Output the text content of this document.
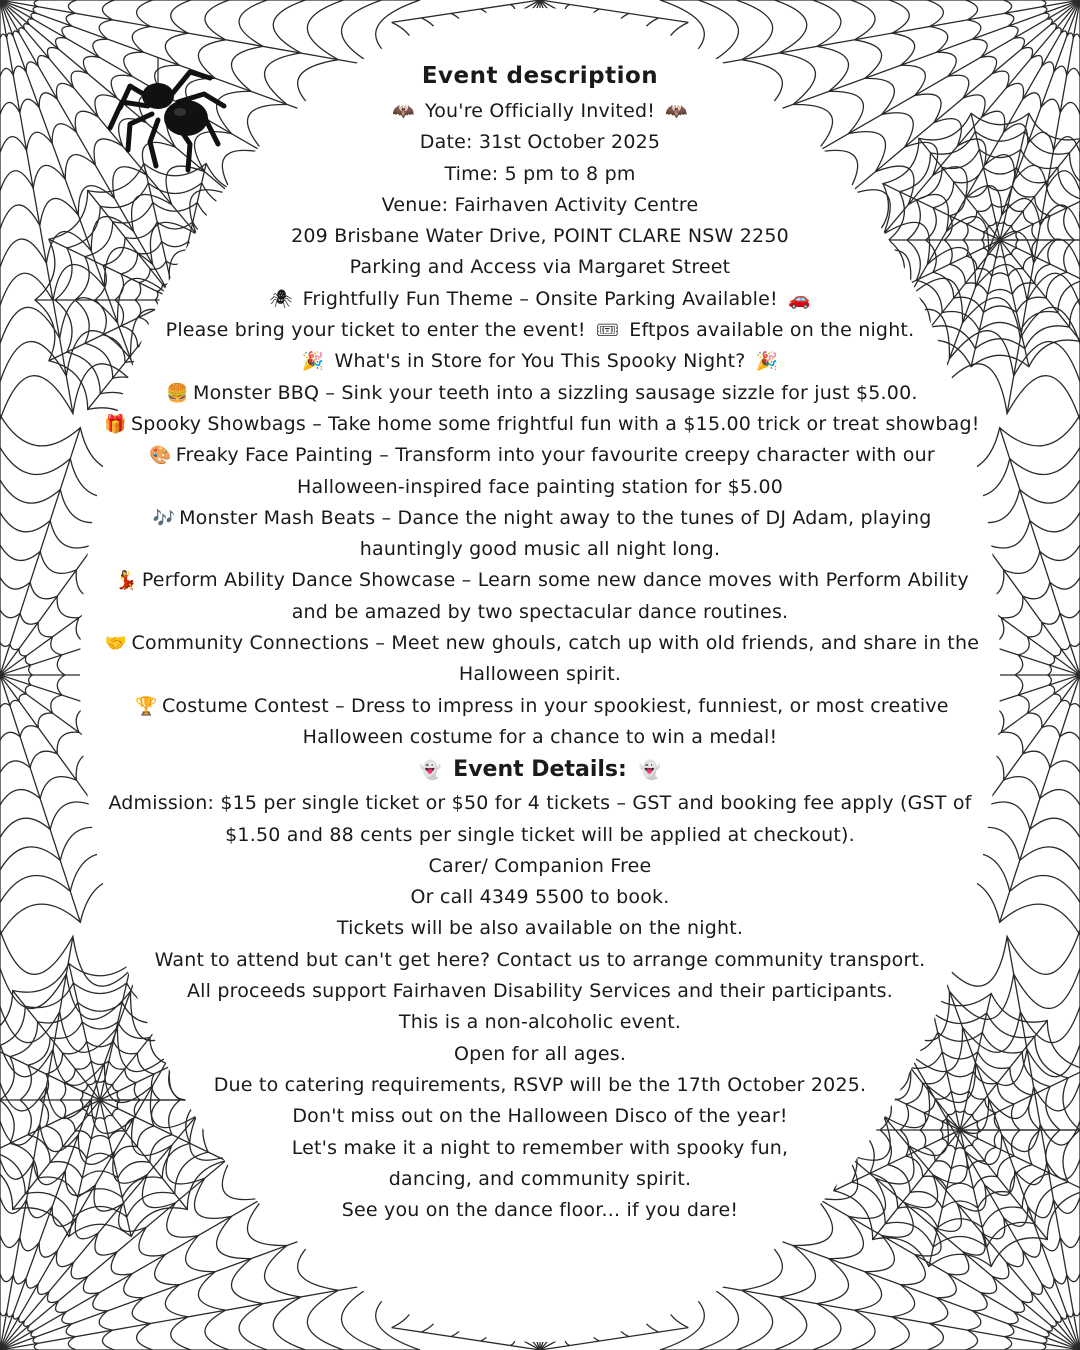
Event description
🦇 You're Officially Invited! 🦇
Date: 31st October 2025
Time: 5 pm to 8 pm
Venue: Fairhaven Activity Centre
209 Brisbane Water Drive, POINT CLARE NSW 2250
Parking and Access via Margaret Street
🕷 Frightfully Fun Theme – Onsite Parking Available! 🚗
Please bring your ticket to enter the event! 🎟 Eftpos available on the night.
🎉 What's in Store for You This Spooky Night? 🎉
🍔 Monster BBQ – Sink your teeth into a sizzling sausage sizzle for just $5.00.
🎁 Spooky Showbags – Take home some frightful fun with a $15.00 trick or treat showbag!
🎨 Freaky Face Painting – Transform into your favourite creepy character with our Halloween-inspired face painting station for $5.00
🎶 Monster Mash Beats – Dance the night away to the tunes of DJ Adam, playing hauntingly good music all night long.
💃 Perform Ability Dance Showcase – Learn some new dance moves with Perform Ability and be amazed by two spectacular dance routines.
🤝 Community Connections – Meet new ghouls, catch up with old friends, and share in the Halloween spirit.
🏆 Costume Contest – Dress to impress in your spookiest, funniest, or most creative Halloween costume for a chance to win a medal!
👻 Event Details: 👻
Admission: $15 per single ticket or $50 for 4 tickets – GST and booking fee apply (GST of $1.50 and 88 cents per single ticket will be applied at checkout).
Carer/ Companion Free
Or call 4349 5500 to book.
Tickets will be also available on the night.
Want to attend but can't get here? Contact us to arrange community transport.
All proceeds support Fairhaven Disability Services and their participants.
This is a non-alcoholic event.
Open for all ages.
Due to catering requirements, RSVP will be the 17th October 2025.
Don't miss out on the Halloween Disco of the year!
Let's make it a night to remember with spooky fun,
dancing, and community spirit.
See you on the dance floor... if you dare!
